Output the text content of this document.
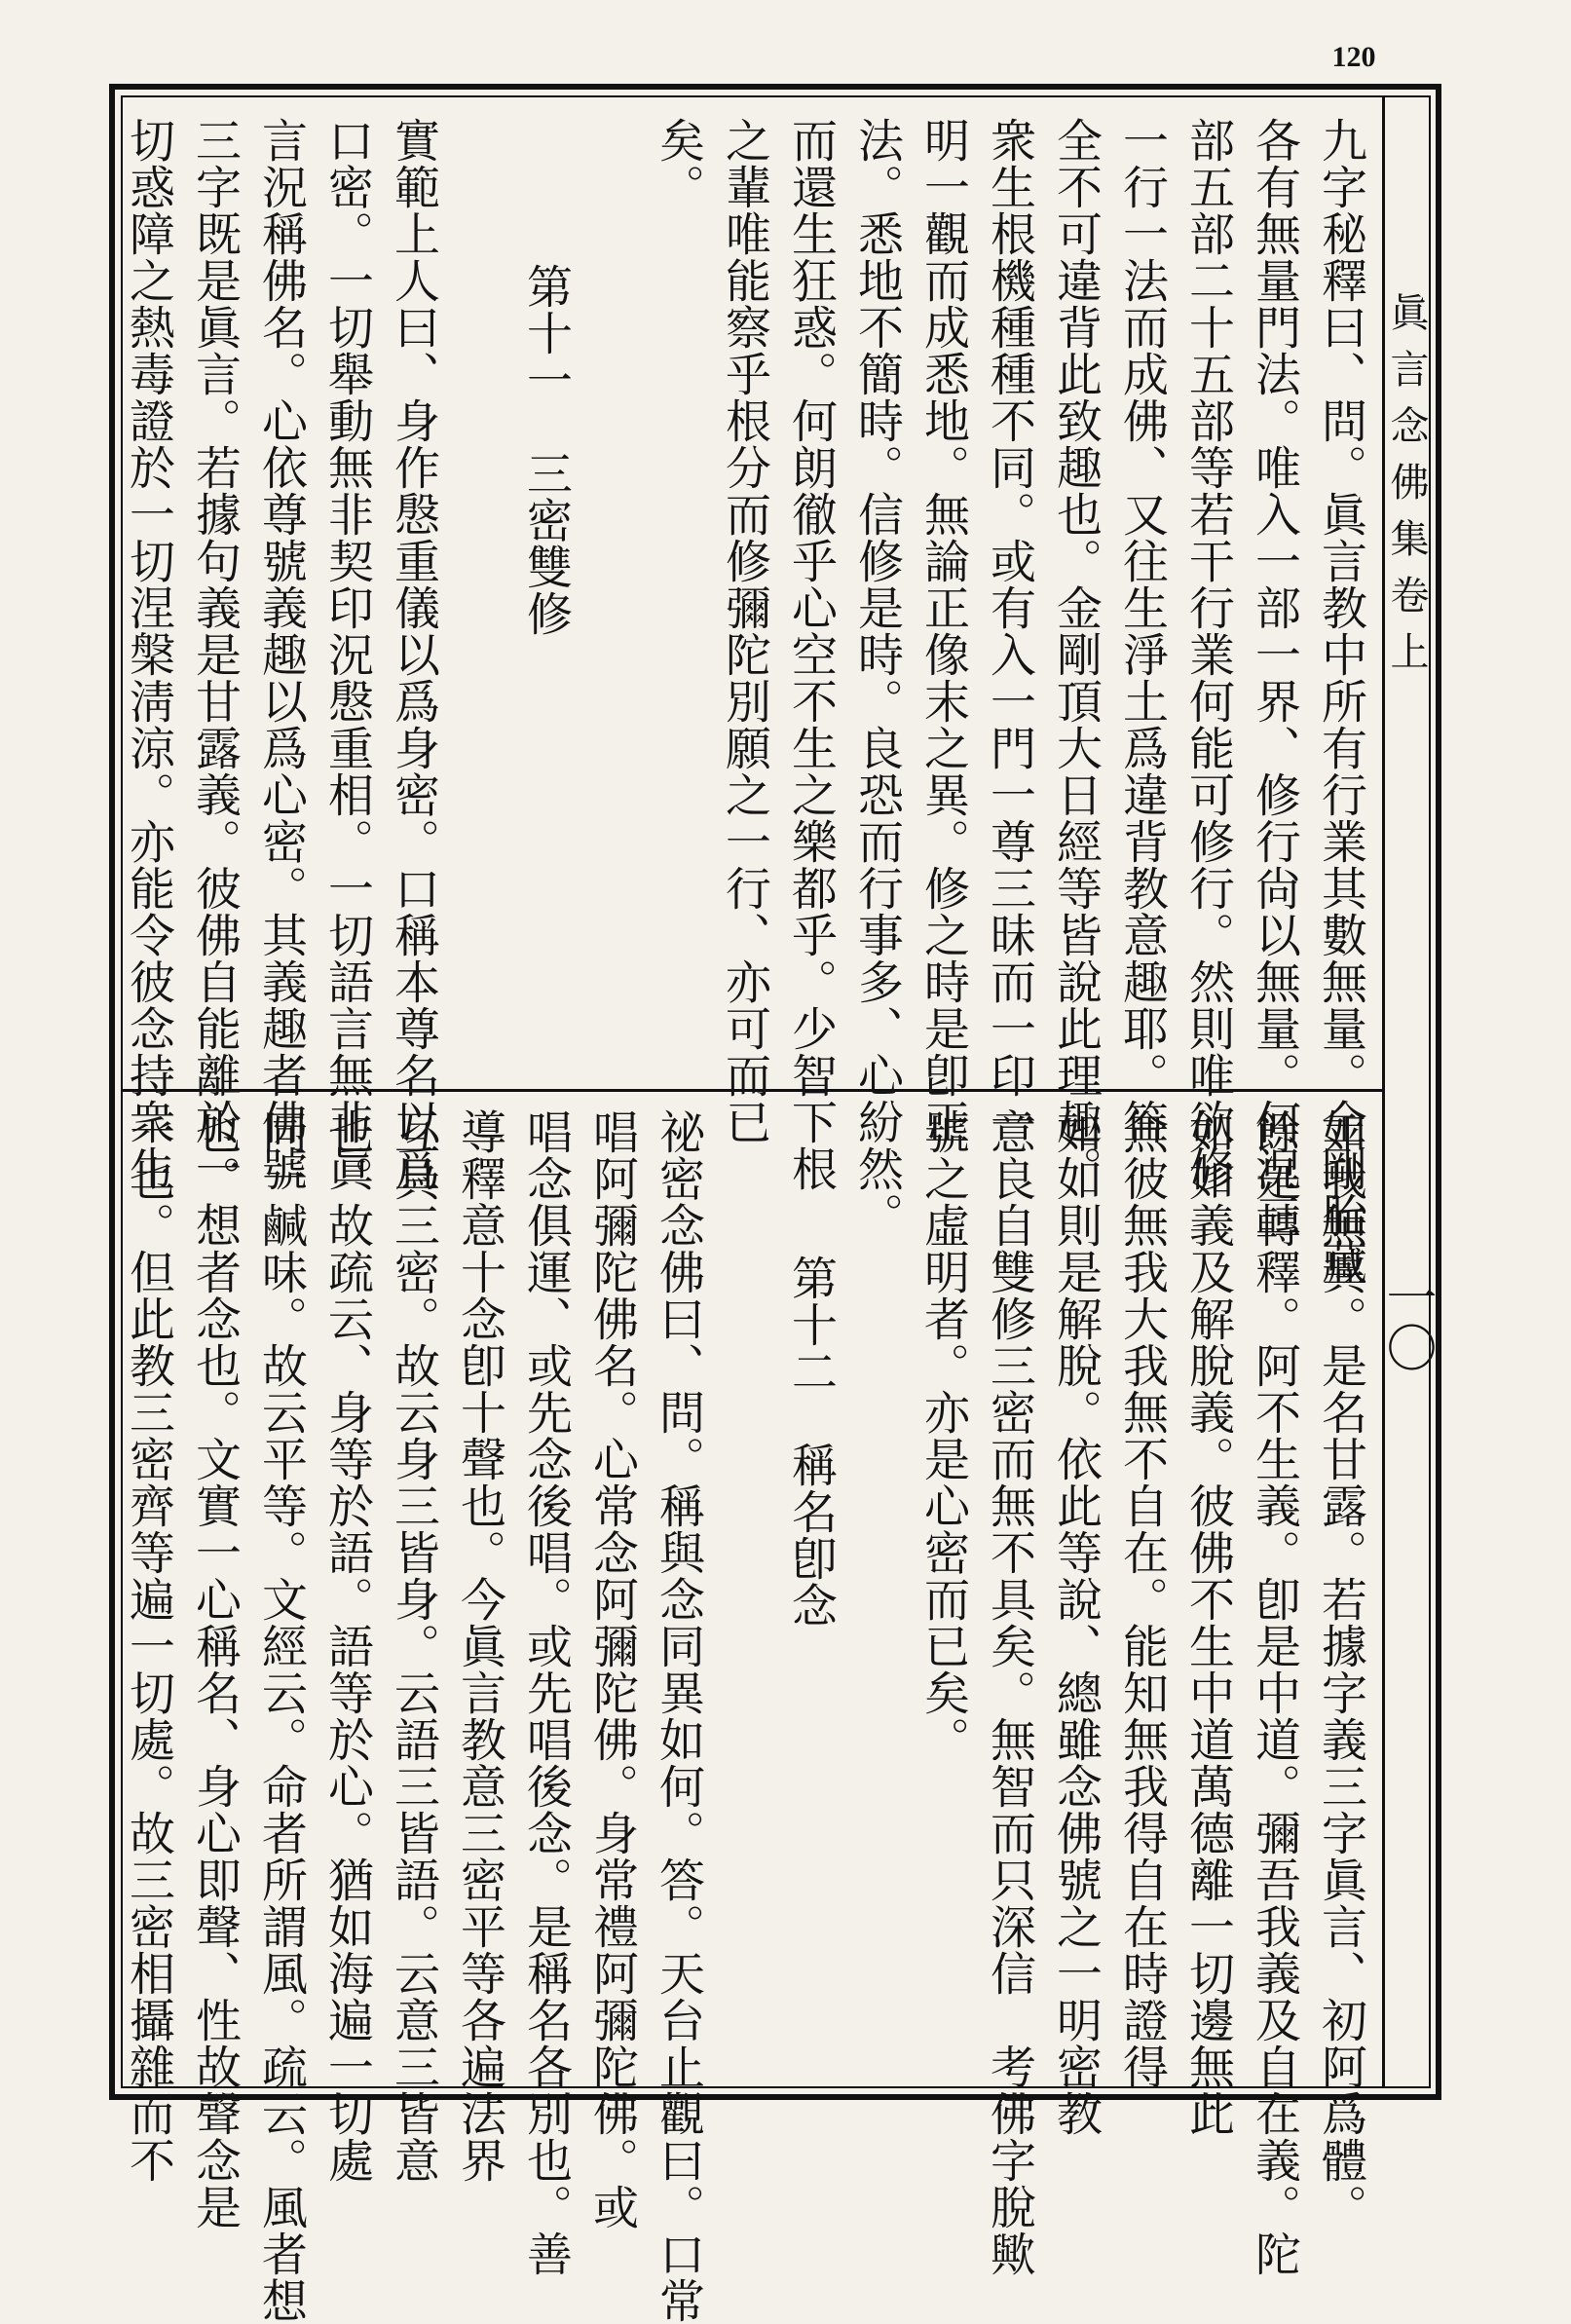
120
眞言念佛集卷上
一〇
九字秘釋曰、問。眞言教中所有行業其數無量。金剛胎藏
各有無量門法。唯入一部一界、修行尙以無量。何況三
部五部二十五部等若干行業何能可修行。然則唯欲修
一行一法而成佛、又往生淨土爲違背教意趣耶。答
全不可違背此致趣也。金剛頂大日經等皆說此理趣。
衆生根機種種不同。或有入一門一尊三昧而一印一
明一觀而成悉地。無論正像末之異。修之時是卽正
法。悉地不簡時。信修是時。良恐而行事多、心紛然。
而還生狂惑。何朗徹乎心空不生之樂都乎。少智下根
之輩唯能察乎根分而修彌陀別願之一行、亦可而已
矣。
第十一　三密雙修
實範上人曰、身作慇重儀以爲身密。口稱本尊名以爲
口密。一切舉動無非契印況慇重相。一切語言無非眞
言況稱佛名。心依尊號義趣以爲心密。其義趣者佛號
三字既是眞言。若據句義是甘露義。彼佛自能離於一
切惑障之熱毒證於一切涅槃淸涼。亦能令彼念持衆生
如我無異。是名甘露。若據字義三字眞言、初阿爲體。
餘是轉釋。阿不生義。卽是中道。彌吾我義及自在義。陀
如如義及解脫義。彼佛不生中道萬德離一切邊無此
無彼無我大我無不自在。能知無我得自在時證得
如如則是解脫。依此等說、總雖念佛號之一明密教
意良自雙修三密而無不具矣。無智而只深信　考佛字脫歟
號之虛明者。亦是心密而已矣。
第十二　稱名卽念
祕密念佛曰、問。稱與念同異如何。答。天台止觀曰。口常
唱阿彌陀佛名。心常念阿彌陀佛。身常禮阿彌陀佛。或
唱念俱運、或先念後唱。或先唱後念。是稱名各別也。善
導釋意十念卽十聲也。今眞言教意三密平等各遍法界
互具三密。故云身三皆身。云語三皆語。云意三皆意
也。故疏云、身等於語。語等於心。猶如海遍一切處
同一鹹味。故云平等。文經云。命者所謂風。疏云。風者想
也。想者念也。文實一心稱名、身心即聲、性故聲念是
一也。但此教三密齊等遍一切處。故三密相攝雜而不
